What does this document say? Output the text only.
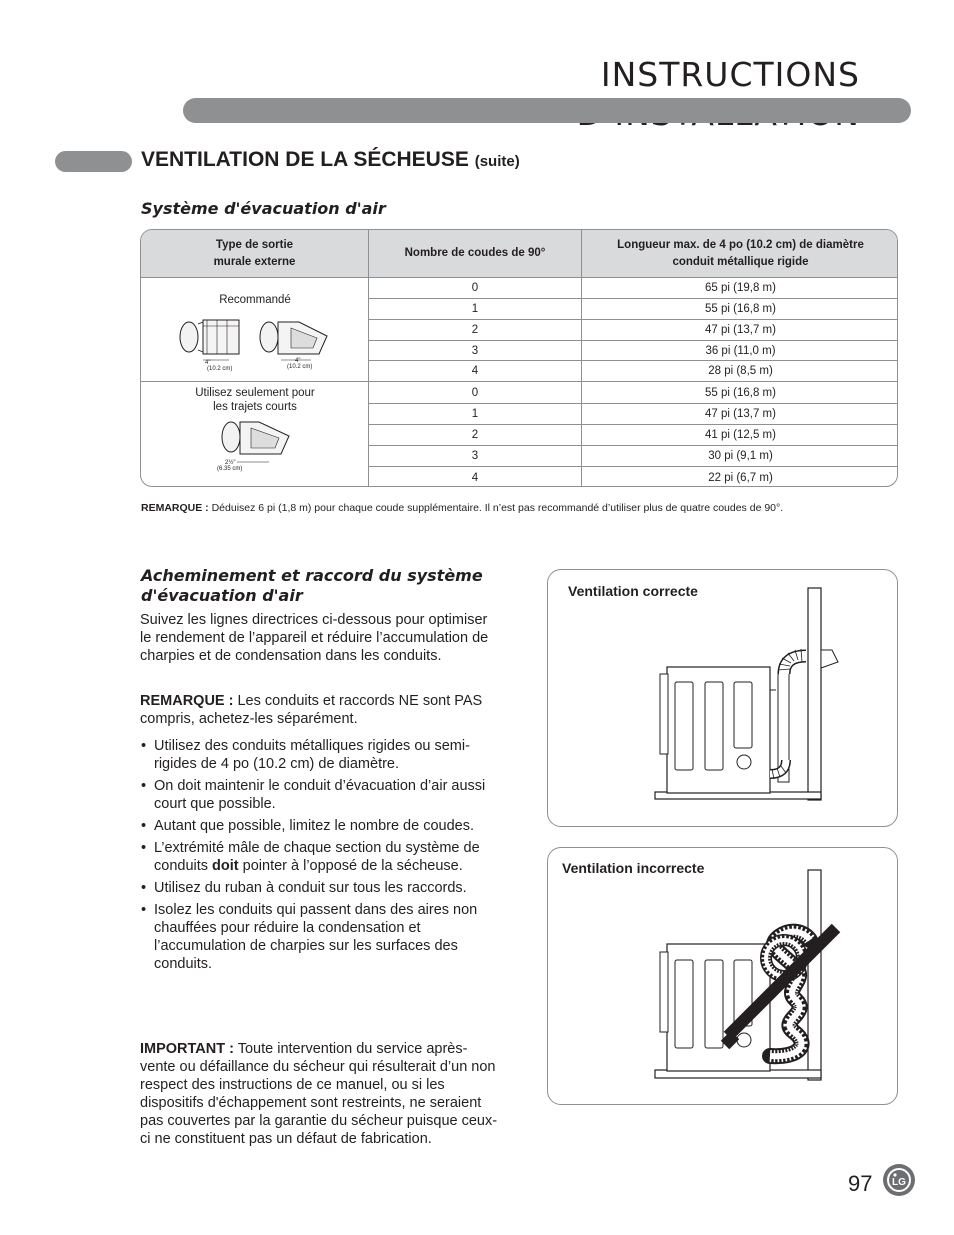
INSTRUCTIONS
VENTILATION DE LA SÉCHEUSE (suite)
Système d'évacuation d'air
Type de sortie
murale externe
Nombre de coudes de 90°
Longueur max. de 4 po (10.2 cm) de diamètre
conduit métallique rigide
Recommandé
4"
(10.2 cm)
4"
(10.2 cm)
Utilisez seulement pour
les trajets courts
2½"
(6.35 cm)
0	65 pi (19,8 m)
1	55 pi (16,8 m)
2	47 pi (13,7 m)
3	36 pi (11,0 m)
4	28 pi (8,5 m)
0	55 pi (16,8 m)
1	47 pi (13,7 m)
2	41 pi (12,5 m)
3	30 pi (9,1 m)
4	22 pi (6,7 m)
REMARQUE : Déduisez 6 pi (1,8 m) pour chaque coude supplémentaire. Il n’est pas recommandé d’utiliser plus de quatre coudes de 90°.
Acheminement et raccord du système
d'évacuation d'air
Suivez les lignes directrices ci-dessous pour optimiser le rendement de l’appareil et réduire l’accumulation de charpies et de condensation dans les conduits.
REMARQUE : Les conduits et raccords NE sont PAS compris, achetez-les séparément.
• Utilisez des conduits métalliques rigides ou semi-rigides de 4 po (10.2 cm) de diamètre.
• On doit maintenir le conduit d’évacuation d’air aussi court que possible.
• Autant que possible, limitez le nombre de coudes.
• L’extrémité mâle de chaque section du système de conduits doit pointer à l’opposé de la sécheuse.
• Utilisez du ruban à conduit sur tous les raccords.
• Isolez les conduits qui passent dans des aires non chauffées pour réduire la condensation et l’accumulation de charpies sur les surfaces des conduits.
IMPORTANT : Toute intervention du service après-vente ou défaillance du sécheur qui résulterait d’un non respect des instructions de ce manuel, ou si les dispositifs d'échappement sont restreints, ne seraient pas couvertes par la garantie du sécheur puisque ceux-ci ne constituent pas un défaut de fabrication.
Ventilation correcte
Ventilation incorrecte
97 LG
